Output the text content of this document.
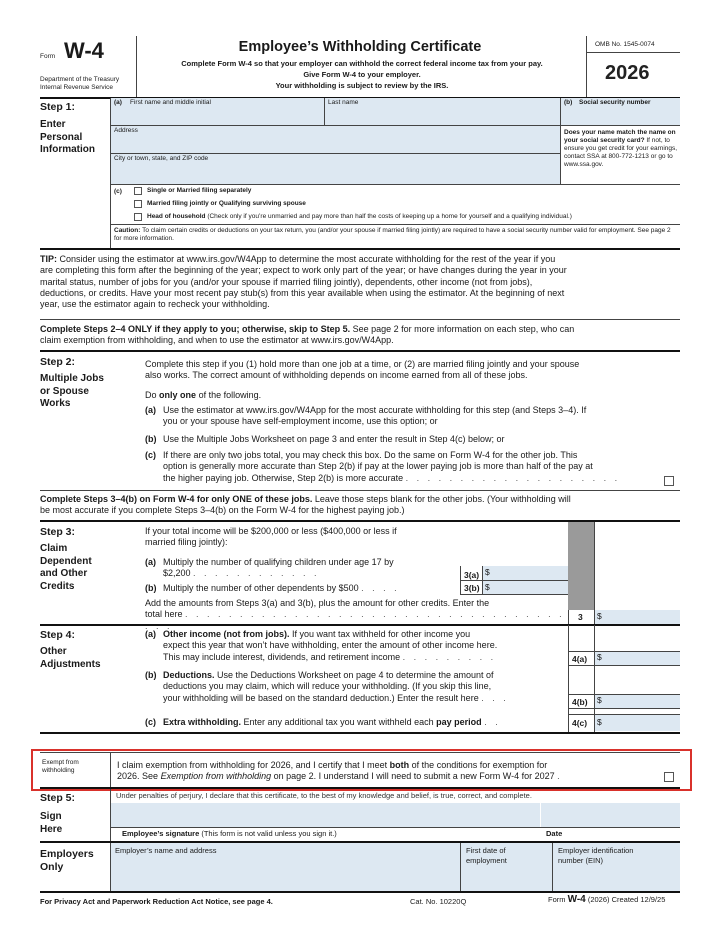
Form W-4
Department of the Treasury
Internal Revenue Service
Employee’s Withholding Certificate
Complete Form W-4 so that your employer can withhold the correct federal income tax from your pay.
Give Form W-4 to your employer.
Your withholding is subject to review by the IRS.
OMB No. 1545-0074
2026
Step 1:
Enter
Personal
Information
(a) First name and middle initial	Last name	(b) Social security number
Address
City or town, state, and ZIP code
Does your name match the name on your social security card? If not, to ensure you get credit for your earnings, contact SSA at 800-772-1213 or go to www.ssa.gov.
(c)	Single or Married filing separately
Married filing jointly or Qualifying surviving spouse
Head of household (Check only if you’re unmarried and pay more than half the costs of keeping up a home for yourself and a qualifying individual.)
Caution: To claim certain credits or deductions on your tax return, you (and/or your spouse if married filing jointly) are required to have a social security number valid for employment. See page 2 for more information.
TIP: Consider using the estimator at www.irs.gov/W4App to determine the most accurate withholding for the rest of the year if you
are completing this form after the beginning of the year; expect to work only part of the year; or have changes during the year in your
marital status, number of jobs for you (and/or your spouse if married filing jointly), dependents, other income (not from jobs),
deductions, or credits. Have your most recent pay stub(s) from this year available when using the estimator. At the beginning of next
year, use the estimator again to recheck your withholding.
Complete Steps 2–4 ONLY if they apply to you; otherwise, skip to Step 5. See page 2 for more information on each step, who can
claim exemption from withholding, and when to use the estimator at www.irs.gov/W4App.
Step 2:
Multiple Jobs
or Spouse
Works
Complete this step if you (1) hold more than one job at a time, or (2) are married filing jointly and your spouse
also works. The correct amount of withholding depends on income earned from all of these jobs.
Do only one of the following.
(a) Use the estimator at www.irs.gov/W4App for the most accurate withholding for this step (and Steps 3–4). If
you or your spouse have self-employment income, use this option; or
(b) Use the Multiple Jobs Worksheet on page 3 and enter the result in Step 4(c) below; or
(c) If there are only two jobs total, you may check this box. Do the same on Form W-4 for the other job. This
option is generally more accurate than Step 2(b) if pay at the lower paying job is more than half of the pay at
the higher paying job. Otherwise, Step 2(b) is more accurate . . . . . . . . . . . . . . . . . . . .
Complete Steps 3–4(b) on Form W-4 for only ONE of these jobs. Leave those steps blank for the other jobs. (Your withholding will
be most accurate if you complete Steps 3–4(b) on the Form W-4 for the highest paying job.)
Step 3:
Claim
Dependent
and Other
Credits
If your total income will be $200,000 or less ($400,000 or less if
married filing jointly):
(a) Multiply the number of qualifying children under age 17 by
$2,200 . . . . . . . . . . . .
(b) Multiply the number of other dependents by $500 . . . .
3(a) $
3(b) $
Add the amounts from Steps 3(a) and 3(b), plus the amount for other credits. Enter the
total here . . . . . . . . . . . . . . . . . . . . . . . . . . . . . . . . . . . 3 $
Step 4:
Other
Adjustments
(a) Other income (not from jobs). If you want tax withheld for other income you
expect this year that won’t have withholding, enter the amount of other income here.
This may include interest, dividends, and retirement income . . . . . . . . .
(b) Deductions. Use the Deductions Worksheet on page 4 to determine the amount of
deductions you may claim, which will reduce your withholding. (If you skip this line,
your withholding will be based on the standard deduction.) Enter the result here . . .
(c) Extra withholding. Enter any additional tax you want withheld each pay period . .
4(a) $
4(b) $
4(c) $
Exempt from
withholding
I claim exemption from withholding for 2026, and I certify that I meet both of the conditions for exemption for
2026. See Exemption from withholding on page 2. I understand I will need to submit a new Form W-4 for 2027 .
Step 5:
Sign
Here
Under penalties of perjury, I declare that this certificate, to the best of my knowledge and belief, is true, correct, and complete.
Employee’s signature (This form is not valid unless you sign it.)	Date
Employers
Only
Employer’s name and address	First date of
employment
Employer identification
number (EIN)
For Privacy Act and Paperwork Reduction Act Notice, see page 4.	Cat. No. 10220Q	Form W-4 (2026) Created 12/9/25
